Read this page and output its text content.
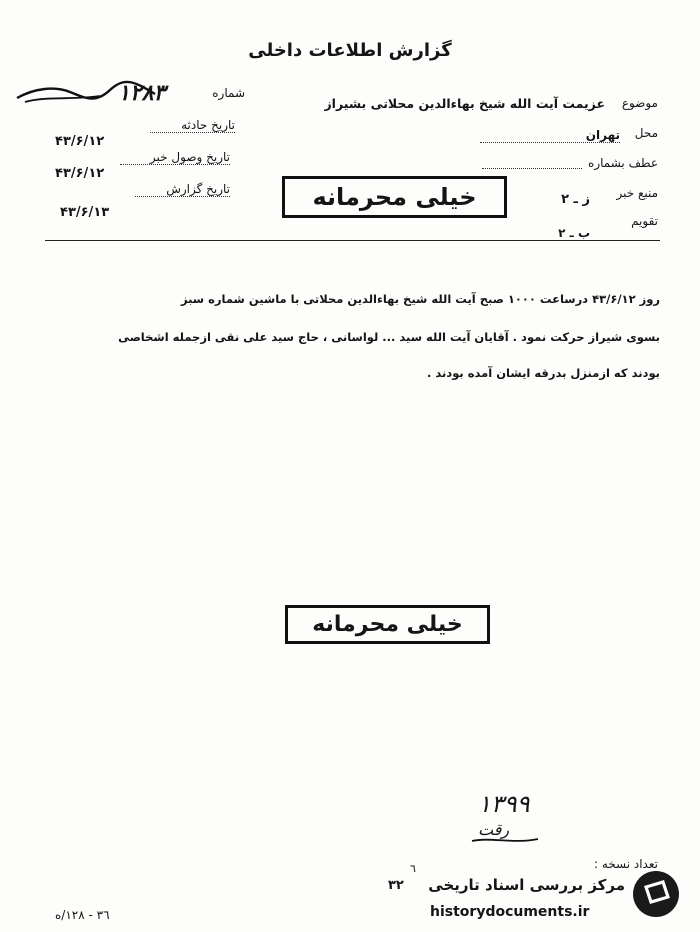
گزارش اطلاعات داخلی
شماره
١٢٨٣
تاریخ حادثه
۴٣/۶/١٢
تاریخ وصول خبر
۴٣/۶/١٢
تاریخ گزارش
۴٣/۶/١٣
موضوع
عزیمت آیت الله شیخ بهاءالدین محلاتی بشیراز
محل
تهران
عطف بشماره
منبع خبر
ز ـ ٢
تقویم
ب ـ ٢
خیلی محرمانه
روز ۴٣/۶/١٢ درساعت ١٠٠٠ صبح آیت الله شیخ بهاءالدین محلاتی با ماشین شماره سبز
بسوی شیراز حرکت نمود . آقایان آیت الله سید ... لواسانی ، حاج سید علی نقی ازجمله اشخاصی
بودند که ازمنزل بدرقه ایشان آمده بودند .
خیلی محرمانه
١٣٩٩
رقت
تعداد نسخه :
٦
٣٢
٣٦ - ١٢٨/ه
مرکز بررسی اسناد تاریخی
historydocuments.ir
